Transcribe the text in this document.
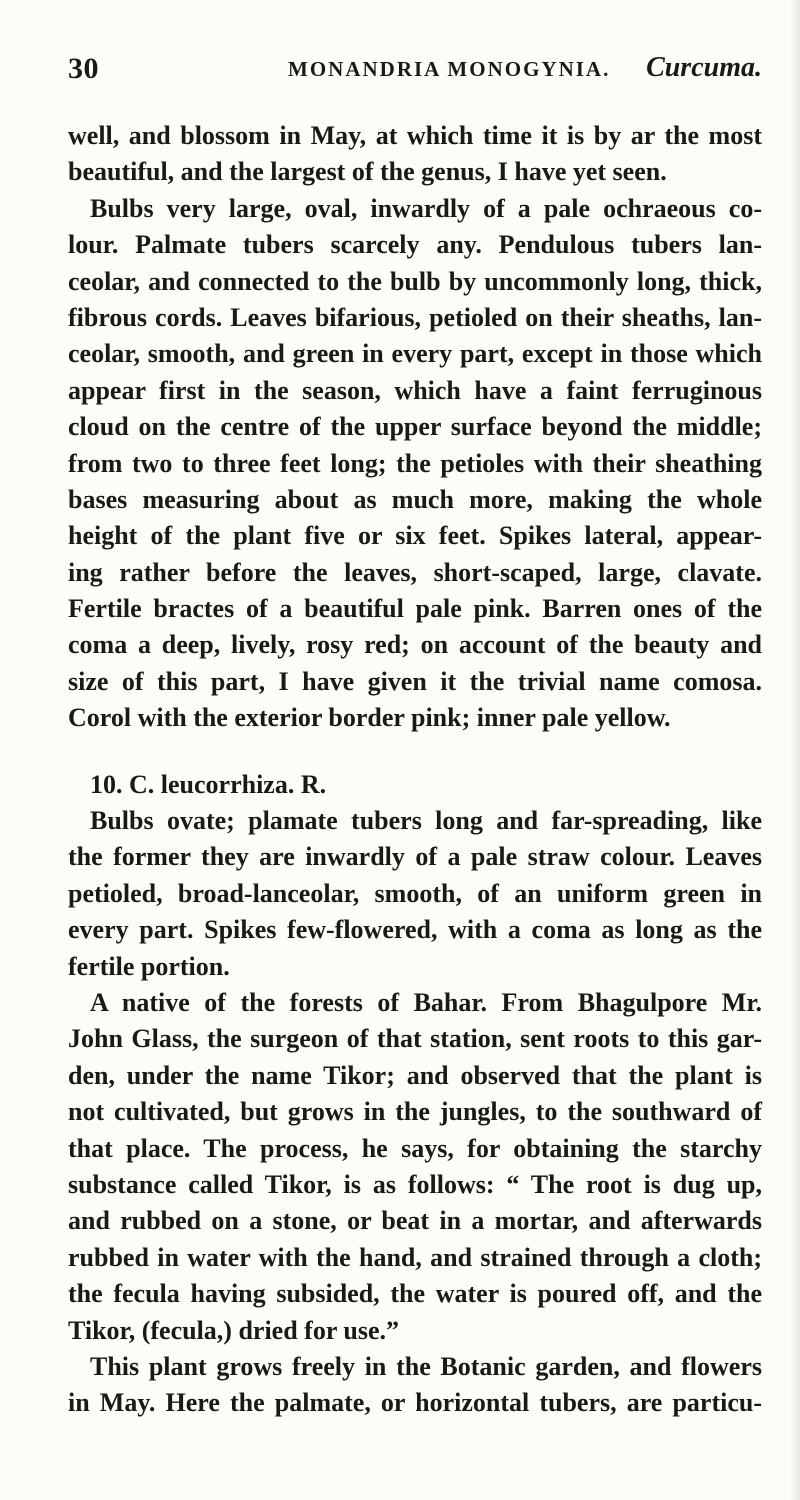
30	MONANDRIA MONOGYNIA. Curcuma.
well, and blossom in May, at which time it is by ar the most
beautiful, and the largest of the genus, I have yet seen.
Bulbs very large, oval, inwardly of a pale ochraeous co-
lour. Palmate tubers scarcely any. Pendulous tubers lan-
ceolar, and connected to the bulb by uncommonly long, thick,
fibrous cords. Leaves bifarious, petioled on their sheaths, lan-
ceolar, smooth, and green in every part, except in those which
appear first in the season, which have a faint ferruginous
cloud on the centre of the upper surface beyond the middle;
from two to three feet long; the petioles with their sheathing
bases measuring about as much more, making the whole
height of the plant five or six feet. Spikes lateral, appear-
ing rather before the leaves, short-scaped, large, clavate.
Fertile bractes of a beautiful pale pink. Barren ones of the
coma a deep, lively, rosy red; on account of the beauty and
size of this part, I have given it the trivial name comosa.
Corol with the exterior border pink; inner pale yellow.
10. C. leucorrhiza. R.
Bulbs ovate; plamate tubers long and far-spreading, like
the former they are inwardly of a pale straw colour. Leaves
petioled, broad-lanceolar, smooth, of an uniform green in
every part. Spikes few-flowered, with a coma as long as the
fertile portion.
A native of the forests of Bahar. From Bhagulpore Mr.
John Glass, the surgeon of that station, sent roots to this gar-
den, under the name Tikor; and observed that the plant is
not cultivated, but grows in the jungles, to the southward of
that place. The process, he says, for obtaining the starchy
substance called Tikor, is as follows: “ The root is dug up,
and rubbed on a stone, or beat in a mortar, and afterwards
rubbed in water with the hand, and strained through a cloth;
the fecula having subsided, the water is poured off, and the
Tikor, (fecula,) dried for use.”
This plant grows freely in the Botanic garden, and flowers
in May. Here the palmate, or horizontal tubers, are particu-
